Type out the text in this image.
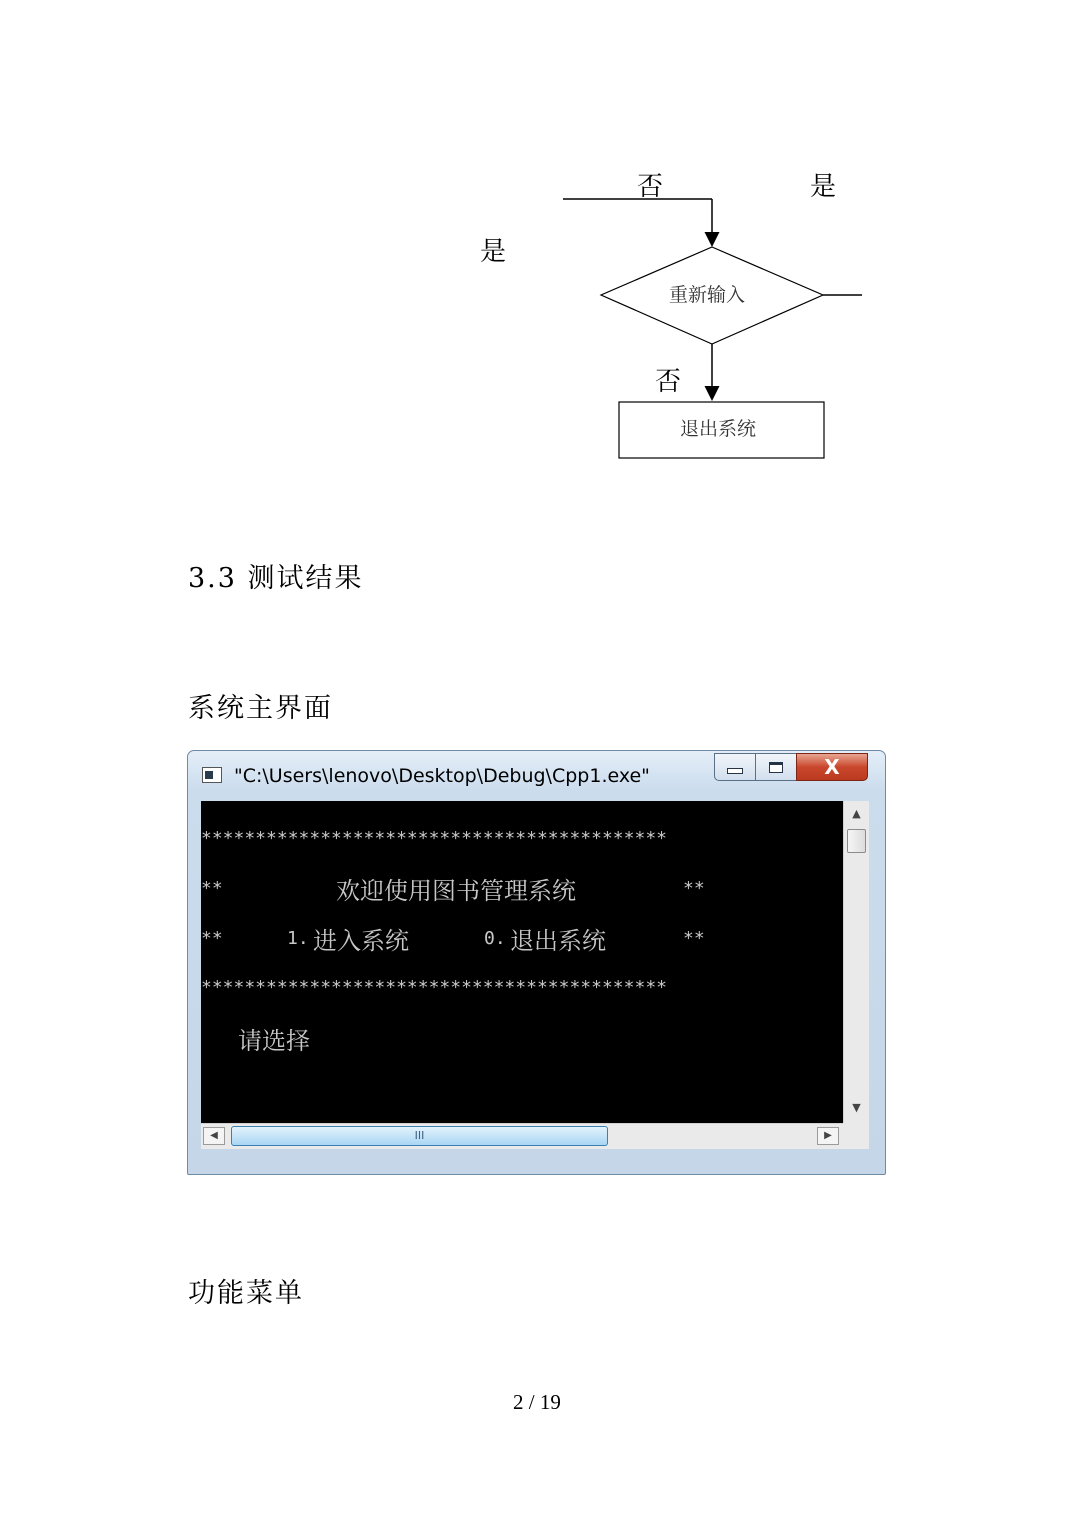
否	是
是
重新输入
否
退出系统
3.3 测试结果
系统主界面
"C:\Users\lenovo\Desktop\Debug\Cpp1.exe"	X
*******************************************
**	欢迎使用图书管理系统	**
**	1. 进入系统	0. 退出系统	**
*******************************************
请选择
▲
▼
◀	III	▶
功能菜单
2 / 19
